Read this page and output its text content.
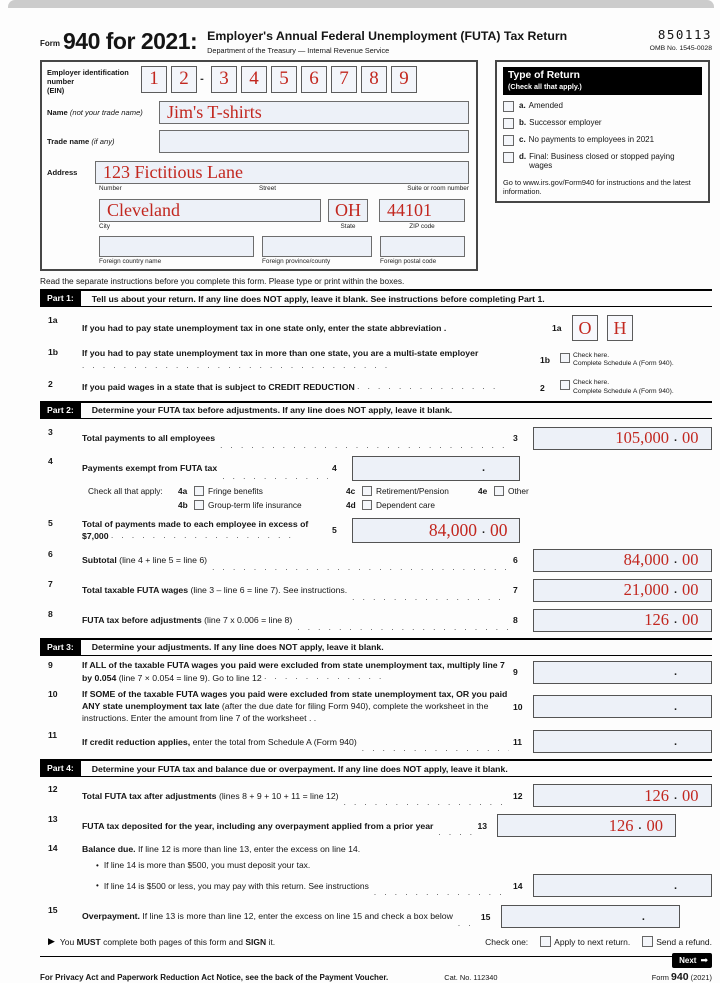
Form 940 for 2021: Employer's Annual Federal Unemployment (FUTA) Tax Return
Department of the Treasury — Internal Revenue Service
850113
OMB No. 1545-0028
Employer identification number
(EIN)
1	2	- 3	4	5	6	7	8	9
Name (not your trade name)	Jim's T-shirts
Trade name (if any)
Address	123 Fictitious Lane
Number	Street	Suite or room number
Cleveland	OH	44101
City	State	ZIP code
Foreign country name	Foreign province/county	Foreign postal code
Type of Return
(Check all that apply.)
a. Amended
b. Successor employer
c. No payments to employees in 2021
d. Final: Business closed or stopped paying wages
Go to www.irs.gov/Form940 for instructions and the latest information.
Read the separate instructions before you complete this form. Please type or print within the boxes.
Part 1:	Tell us about your return. If any line does NOT apply, leave it blank. See instructions before completing Part 1.
1a
If you had to pay state unemployment tax in one state only, enter the state abbreviation .	1a O	H
1b	If you had to pay state unemployment tax in more than one state, you are a multi-state employer . . .
1b	Check here.
Complete Schedule A (Form 940).
2	If you paid wages in a state that is subject to CREDIT REDUCTION . . .	2	Check here.
Complete Schedule A (Form 940).
Part 2:	Determine your FUTA tax before adjustments. If any line does NOT apply, leave it blank.
3
Total payments to all employees
. . .	3	105,000 . 00
4
Payments exempt from FUTA tax
. . .	4	.
Check all that apply:	4a	Fringe benefits
4b	Group-term life insurance
4c	Retirement/Pension
4d	Dependent care
4e	Other
5	Total of payments made to each employee in excess of
$7,000 . . .
5	84,000 . 00
6
Subtotal (line 4 + line 5 = line 6)
. . .	6	84,000 . 00
7
Total taxable FUTA wages (line 3 – line 6 = line 7). See instructions.
. . .	7	21,000 . 00
8
FUTA tax before adjustments (line 7 x 0.006 = line 8)
. . .	8	126 . 00
Part 3:	Determine your adjustments. If any line does NOT apply, leave it blank.
9	If ALL of the taxable FUTA wages you paid were excluded from state unemployment tax, multiply line 7 by 0.054 (line 7 × 0.054 = line 9). Go to line 12 . . .
9	.
10	If SOME of the taxable FUTA wages you paid were excluded from state unemployment tax, OR you paid ANY state unemployment tax late (after the due date for filing Form 940), complete the worksheet in the instructions. Enter the amount from line 7 of the worksheet . .
10	.
11
If credit reduction applies, enter the total from Schedule A (Form 940)
. . .	11	.
Part 4:	Determine your FUTA tax and balance due or overpayment. If any line does NOT apply, leave it blank.
12
Total FUTA tax after adjustments (lines 8 + 9 + 10 + 11 = line 12)
. . .	12	126 . 00
13
FUTA tax deposited for the year, including any overpayment applied from a prior year
. . .	13	126 . 00
14	Balance due. If line 12 is more than line 13, enter the excess on line 14.
• If line 14 is more than $500, you must deposit your tax.
• If line 14 is $500 or less, you may pay with this return. See instructions
. . .	14	.
15
Overpayment. If line 13 is more than line 12, enter the excess on line 15 and check a box below
. . .	15	.
▶ You MUST complete both pages of this form and SIGN it.	Check one:	Apply to next return.	Send a refund.
Next ➡
For Privacy Act and Paperwork Reduction Act Notice, see the back of the Payment Voucher.	Cat. No. 112340	Form 940 (2021)
